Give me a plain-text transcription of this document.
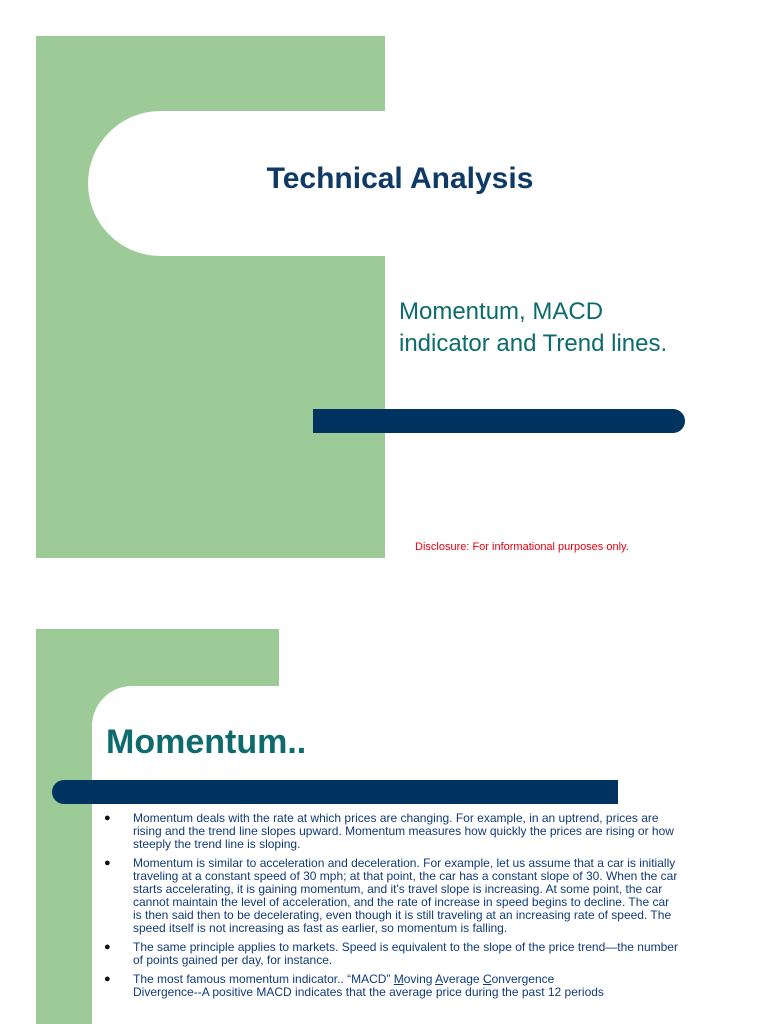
Technical Analysis

Momentum, MACD indicator and Trend lines.

Disclosure: For informational purposes only.

Momentum..
● Momentum deals with the rate at which prices are changing. For example, in an uptrend, prices are rising and the trend line slopes upward. Momentum measures how quickly the prices are rising or how steeply the trend line is sloping.
● Momentum is similar to acceleration and deceleration. For example, let us assume that a car is initially traveling at a constant speed of 30 mph; at that point, the car has a constant slope of 30. When the car starts accelerating, it is gaining momentum, and it's travel slope is increasing. At some point, the car cannot maintain the level of acceleration, and the rate of increase in speed begins to decline. The car is then said then to be decelerating, even though it is still traveling at an increasing rate of speed. The speed itself is not increasing as fast as earlier, so momentum is falling.
● The same principle applies to markets. Speed is equivalent to the slope of the price trend—the number of points gained per day, for instance.
● The most famous momentum indicator.. “MACD” Moving Average Convergence
Divergence--A positive MACD indicates that the average price during the past 12 periods
